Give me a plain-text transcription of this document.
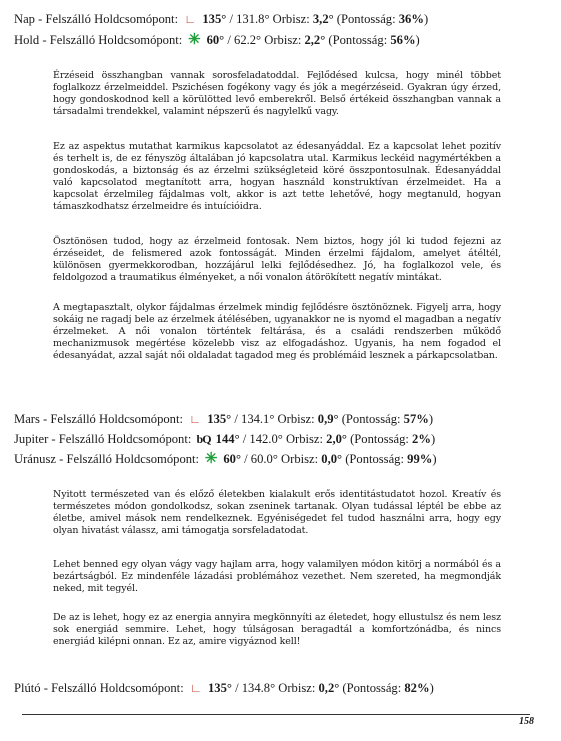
Nap - Felszálló Holdcsomópont: ∟ 135° / 131.8° Orbisz: 3,2° (Pontosság: 36%)
Hold - Felszálló Holdcsomópont: ✳ 60° / 62.2° Orbisz: 2,2° (Pontosság: 56%)

Érzéseid összhangban vannak sorosfeladatoddal. Fejlődésed kulcsa, hogy minél többet foglalkozz érzelmeiddel. Pszichésen fogékony vagy és jók a megérzéseid. Gyakran úgy érzed, hogy gondoskodnod kell a körülötted levő emberekről. Belső értékeid összhangban vannak a társadalmi trendekkel, valamint népszerű és nagylelkű vagy.

Ez az aspektus mutathat karmikus kapcsolatot az édesanyáddal. Ez a kapcsolat lehet pozitív és terhelt is, de ez fényszög általában jó kapcsolatra utal. Karmikus leckéid nagymértékben a gondoskodás, a biztonság és az érzelmi szükségleteid köré összpontosulnak. Édesanyáddal való kapcsolatod megtanított arra, hogyan használd konstruktívan érzelmeidet. Ha a kapcsolat érzelmileg fájdalmas volt, akkor is azt tette lehetővé, hogy megtanuld, hogyan támaszkodhatsz érzelmeidre és intuícióidra.

Ösztönösen tudod, hogy az érzelmeid fontosak. Nem biztos, hogy jól ki tudod fejezni az érzéseidet, de felismered azok fontosságát. Minden érzelmi fájdalom, amelyet átéltél, különösen gyermekkorodban, hozzájárul lelki fejlődésedhez. Jó, ha foglalkozol vele, és feldolgozod a traumatikus élményeket, a női vonalon átörökített negatív mintákat.

A megtapasztalt, olykor fájdalmas érzelmek mindig fejlődésre ösztönöznek. Figyelj arra, hogy sokáig ne ragadj bele az érzelmek átélésében, ugyanakkor ne is nyomd el magadban a negatív érzelmeket. A női vonalon történtek feltárása, és a családi rendszerben működő mechanizmusok megértése közelebb visz az elfogadáshoz. Ugyanis, ha nem fogadod el édesanyádat, azzal saját női oldaladat tagadod meg és problémáid lesznek a párkapcsolatban.

Mars - Felszálló Holdcsomópont: ∟ 135° / 134.1° Orbisz: 0,9° (Pontosság: 57%)
Jupiter - Felszálló Holdcsomópont: bQ 144° / 142.0° Orbisz: 2,0° (Pontosság: 2%)
Uránusz - Felszálló Holdcsomópont: ✳ 60° / 60.0° Orbisz: 0,0° (Pontosság: 99%)

Nyitott természeted van és előző életekben kialakult erős identitástudatot hozol. Kreatív és természetes módon gondolkodsz, sokan zseninek tartanak. Olyan tudással léptél be ebbe az életbe, amivel mások nem rendelkeznek. Egyéniségedet fel tudod használni arra, hogy egy olyan hivatást válassz, ami támogatja sorsfeladatodat.

Lehet benned egy olyan vágy vagy hajlam arra, hogy valamilyen módon kitörj a normából és a bezártságból. Ez mindenféle lázadási problémához vezethet. Nem szereted, ha megmondják neked, mit tegyél.

De az is lehet, hogy ez az energia annyira megkönnyíti az életedet, hogy ellustulsz és nem lesz sok energiád semmire. Lehet, hogy túlságosan beragadtál a komfortzónádba, és nincs energiád kilépni onnan. Ez az, amire vigyáznod kell!

Plútó - Felszálló Holdcsomópont: ∟ 135° / 134.8° Orbisz: 0,2° (Pontosság: 82%)
158
